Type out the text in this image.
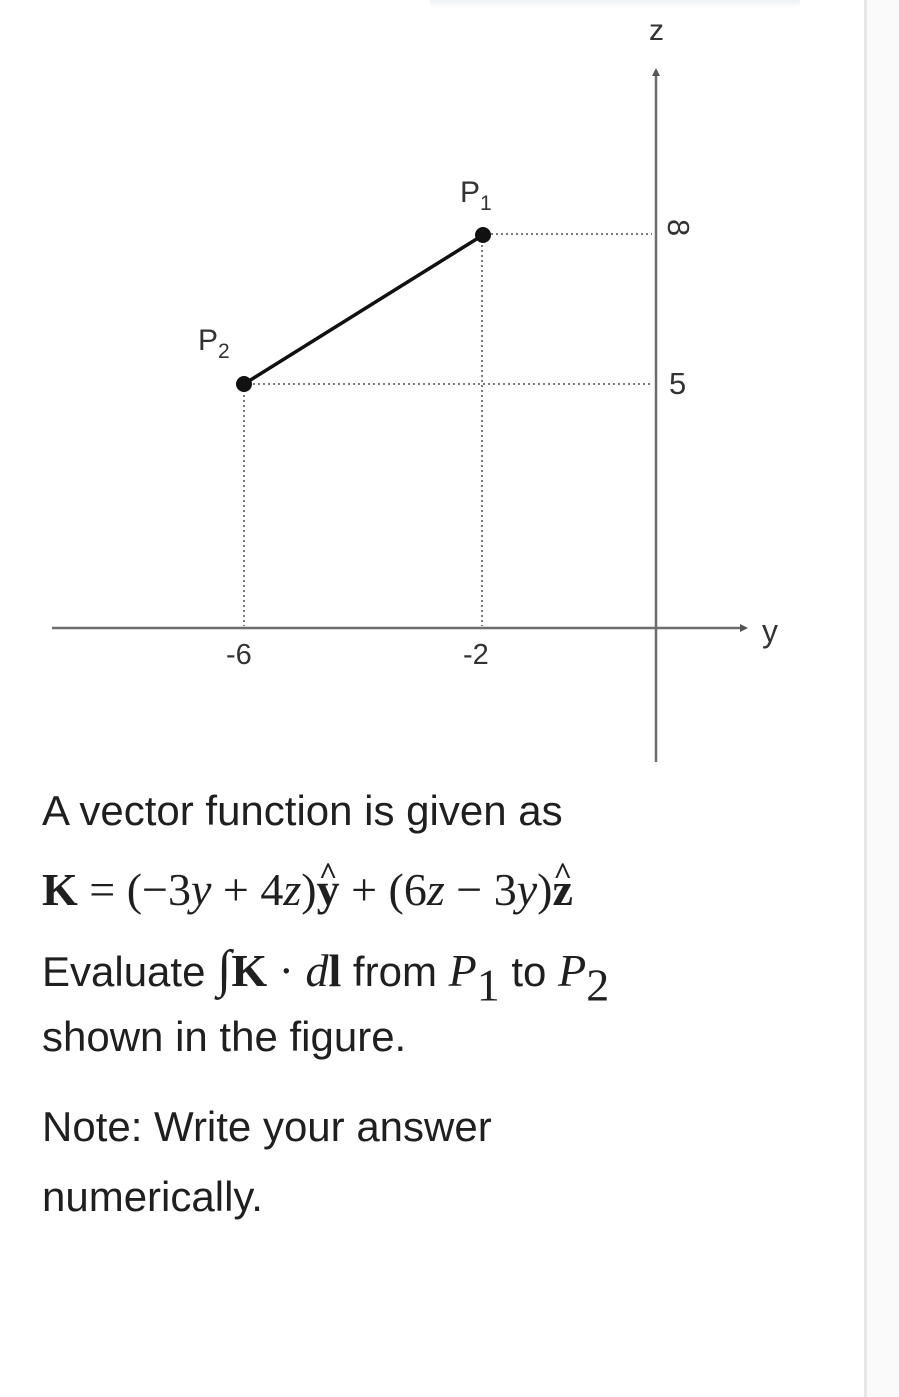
z
y
8
5
-6	-2
$P_1$
$P_2$

A vector function is given as

K = (−3y + 4z)y ^ + (6z − 3y)z ^

Evaluate ∫K · dl from $P_1$ to $P_2$

shown in the figure.

Note: Write your answer
numerically.
